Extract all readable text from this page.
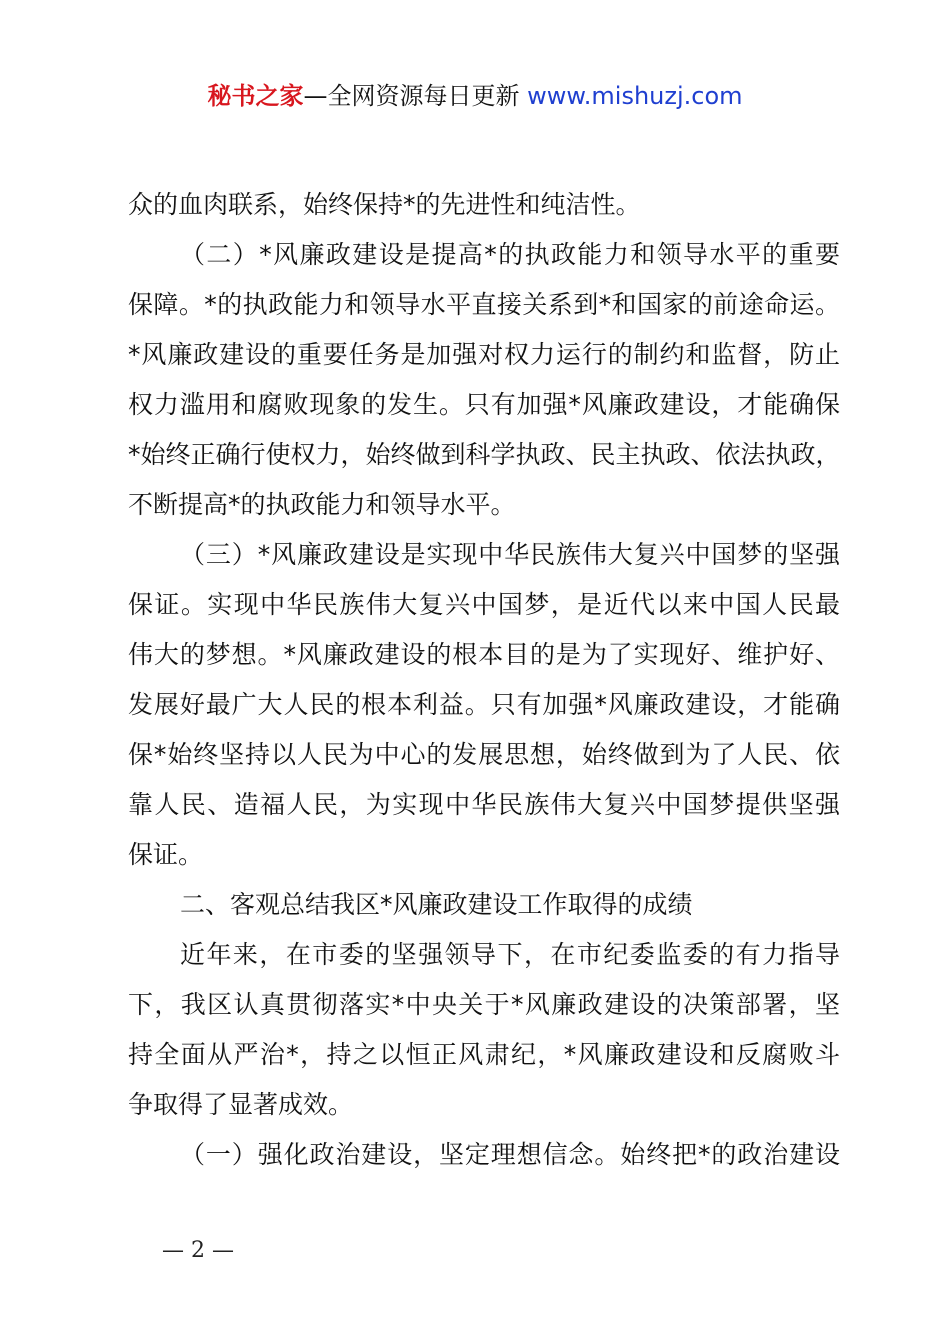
秘书之家—全网资源每日更新 www.mishuzj.com
众的血肉联系，始终保持*的先进性和纯洁性。
（二）*风廉政建设是提高*的执政能力和领导水平的重要
保障。*的执政能力和领导水平直接关系到*和国家的前途命运。
*风廉政建设的重要任务是加强对权力运行的制约和监督，防止
权力滥用和腐败现象的发生。只有加强*风廉政建设，才能确保
*始终正确行使权力，始终做到科学执政、民主执政、依法执政，
不断提高*的执政能力和领导水平。
（三）*风廉政建设是实现中华民族伟大复兴中国梦的坚强
保证。实现中华民族伟大复兴中国梦，是近代以来中国人民最
伟大的梦想。*风廉政建设的根本目的是为了实现好、维护好、
发展好最广大人民的根本利益。只有加强*风廉政建设，才能确
保*始终坚持以人民为中心的发展思想，始终做到为了人民、依
靠人民、造福人民，为实现中华民族伟大复兴中国梦提供坚强
保证。
二、客观总结我区*风廉政建设工作取得的成绩
近年来，在市委的坚强领导下，在市纪委监委的有力指导
下，我区认真贯彻落实*中央关于*风廉政建设的决策部署，坚
持全面从严治*，持之以恒正风肃纪，*风廉政建设和反腐败斗
争取得了显著成效。
（一）强化政治建设，坚定理想信念。始终把*的政治建设
— 2 —
